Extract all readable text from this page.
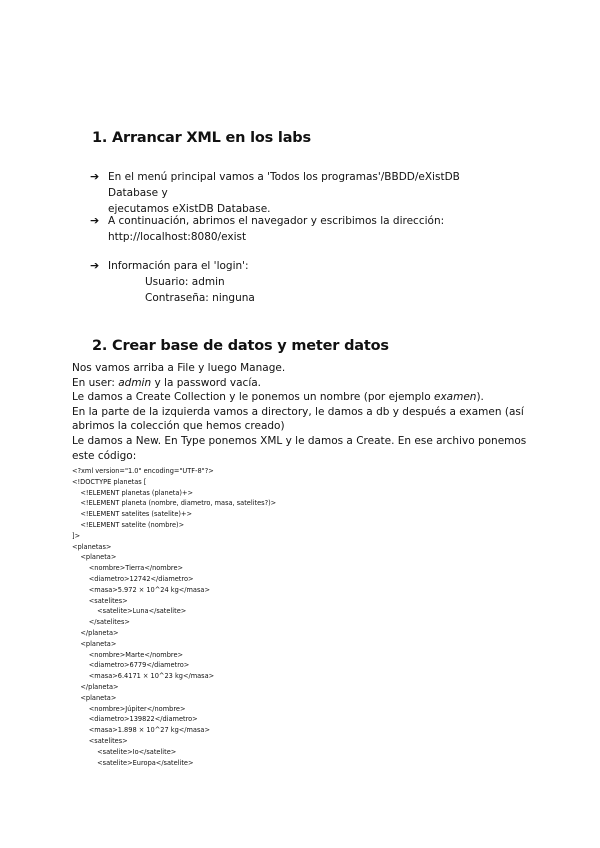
1. Arrancar XML en los labs
➔ En el menú principal vamos a 'Todos los programas'/BBDD/eXistDB Database y
ejecutamos eXistDB Database.
➔ A continuación, abrimos el navegador y escribimos la dirección:
http://localhost:8080/exist
➔ Información para el 'login':
Usuario: admin
Contraseña: ninguna
2. Crear base de datos y meter datos

Nos vamos arriba a File y luego Manage.

En user: admin y la password vacía.

Le damos a Create Collection y le ponemos un nombre (por ejemplo examen).

En la parte de la izquierda vamos a directory, le damos a db y después a examen (así abrimos la colección que hemos creado)

Le damos a New. En Type ponemos XML y le damos a Create. En ese archivo ponemos este código:

<?xml version="1.0" encoding="UTF-8"?>
<!DOCTYPE planetas [
<!ELEMENT planetas (planeta)+>
<!ELEMENT planeta (nombre, diametro, masa, satelites?)>
<!ELEMENT satelites (satelite)+>
<!ELEMENT satelite (nombre)>
]>
<planetas>
<planeta>
<nombre>Tierra</nombre>
<diametro>12742</diametro>
<masa>5.972 × 10^24 kg</masa>
<satelites>
<satelite>Luna</satelite>
</satelites>
</planeta>
<planeta>
<nombre>Marte</nombre>
<diametro>6779</diametro>
<masa>6.4171 × 10^23 kg</masa>
</planeta>
<planeta>
<nombre>Júpiter</nombre>
<diametro>139822</diametro>
<masa>1.898 × 10^27 kg</masa>
<satelites>
<satelite>Io</satelite>
<satelite>Europa</satelite>
